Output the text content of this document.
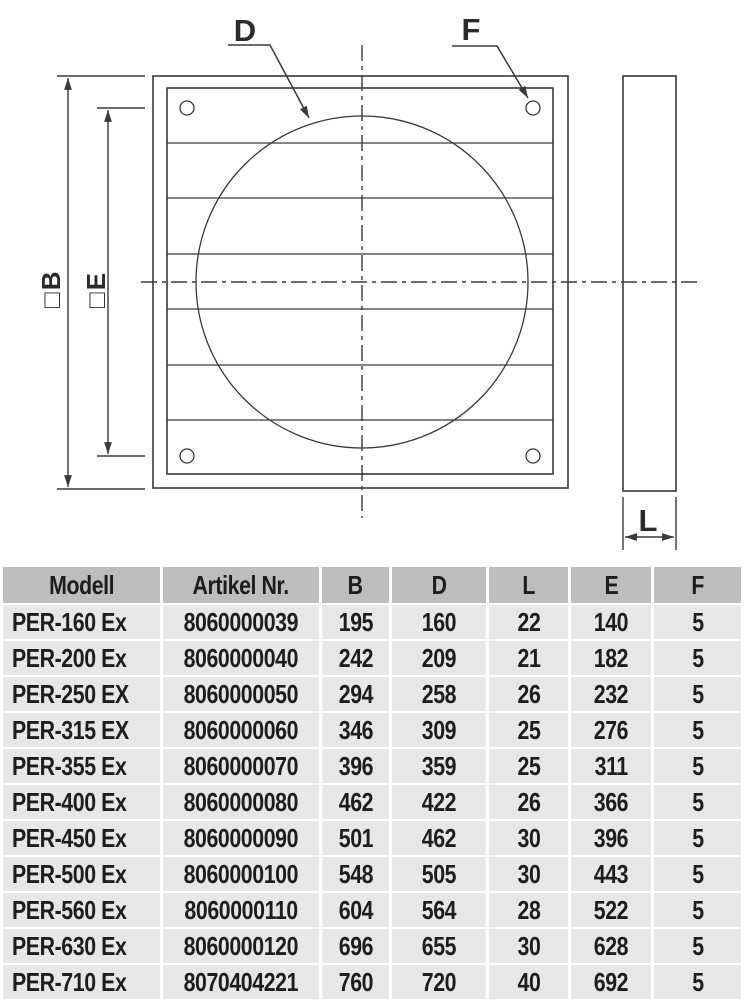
D	F
L
□B □E
Modell	Artikel Nr.	B	D	L	E	F
PER-160 Ex	8060000039	195	160	22	140	5
PER-200 Ex	8060000040	242	209	21	182	5
PER-250 EX	8060000050	294	258	26	232	5
PER-315 EX	8060000060	346	309	25	276	5
PER-355 Ex	8060000070	396	359	25	311	5
PER-400 Ex	8060000080	462	422	26	366	5
PER-450 Ex	8060000090	501	462	30	396	5
PER-500 Ex	8060000100	548	505	30	443	5
PER-560 Ex	8060000110	604	564	28	522	5
PER-630 Ex	8060000120	696	655	30	628	5
PER-710 Ex	8070404221	760	720	40	692	5
